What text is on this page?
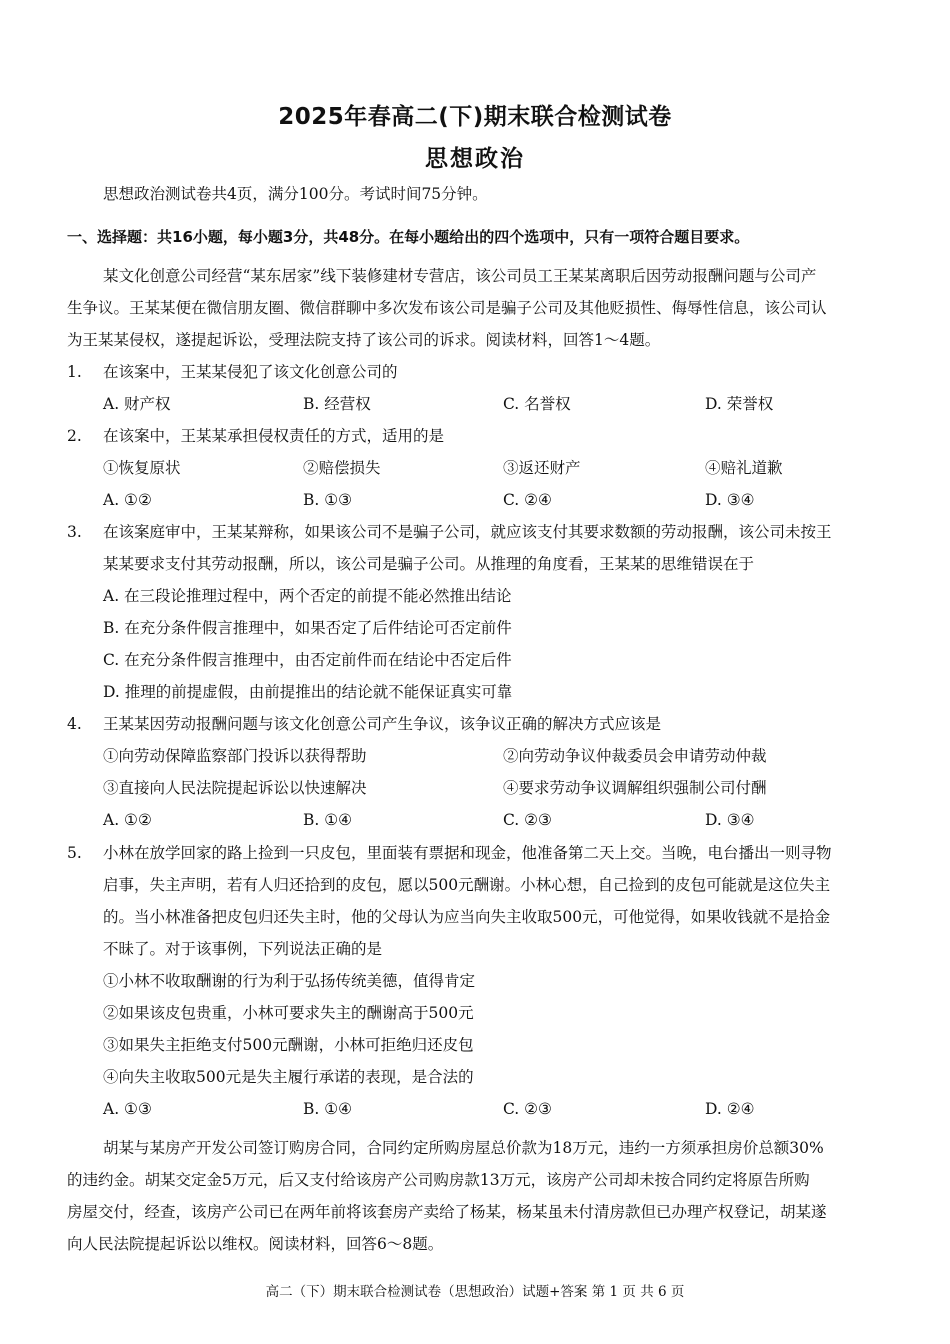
2025年春高二(下)期末联合检测试卷
思想政治
思想政治测试卷共4页，满分100分。考试时间75分钟。
一、选择题：共16小题，每小题3分，共48分。在每小题给出的四个选项中，只有一项符合题目要求。
某文化创意公司经营“某东居家”线下装修建材专营店，该公司员工王某某离职后因劳动报酬问题与公司产
生争议。王某某便在微信朋友圈、微信群聊中多次发布该公司是骗子公司及其他贬损性、侮辱性信息，该公司认
为王某某侵权，遂提起诉讼，受理法院支持了该公司的诉求。阅读材料，回答1～4题。
1. 在该案中，王某某侵犯了该文化创意公司的
A. 财产权	B. 经营权	C. 名誉权	D. 荣誉权
2. 在该案中，王某某承担侵权责任的方式，适用的是
①恢复原状	②赔偿损失	③返还财产	④赔礼道歉
A. ①②	B. ①③	C. ②④	D. ③④
3. 在该案庭审中，王某某辩称，如果该公司不是骗子公司，就应该支付其要求数额的劳动报酬，该公司未按王
某某要求支付其劳动报酬，所以，该公司是骗子公司。从推理的角度看，王某某的思维错误在于
A. 在三段论推理过程中，两个否定的前提不能必然推出结论
B. 在充分条件假言推理中，如果否定了后件结论可否定前件
C. 在充分条件假言推理中，由否定前件而在结论中否定后件
D. 推理的前提虚假，由前提推出的结论就不能保证真实可靠
4. 王某某因劳动报酬问题与该文化创意公司产生争议，该争议正确的解决方式应该是
①向劳动保障监察部门投诉以获得帮助	②向劳动争议仲裁委员会申请劳动仲裁
③直接向人民法院提起诉讼以快速解决	④要求劳动争议调解组织强制公司付酬
A. ①②	B. ①④	C. ②③	D. ③④
5. 小林在放学回家的路上捡到一只皮包，里面装有票据和现金，他准备第二天上交。当晚，电台播出一则寻物
启事，失主声明，若有人归还拾到的皮包，愿以500元酬谢。小林心想，自己捡到的皮包可能就是这位失主
的。当小林准备把皮包归还失主时，他的父母认为应当向失主收取500元，可他觉得，如果收钱就不是拾金
不昧了。对于该事例，下列说法正确的是
①小林不收取酬谢的行为利于弘扬传统美德，值得肯定
②如果该皮包贵重，小林可要求失主的酬谢高于500元
③如果失主拒绝支付500元酬谢，小林可拒绝归还皮包
④向失主收取500元是失主履行承诺的表现，是合法的
A. ①③	B. ①④	C. ②③	D. ②④
胡某与某房产开发公司签订购房合同，合同约定所购房屋总价款为18万元，违约一方须承担房价总额30%
的违约金。胡某交定金5万元，后又支付给该房产公司购房款13万元，该房产公司却未按合同约定将原告所购
房屋交付，经查，该房产公司已在两年前将该套房产卖给了杨某，杨某虽未付清房款但已办理产权登记，胡某遂
向人民法院提起诉讼以维权。阅读材料，回答6～8题。
高二（下）期末联合检测试卷（思想政治）试题+答案 第 1 页 共 6 页
